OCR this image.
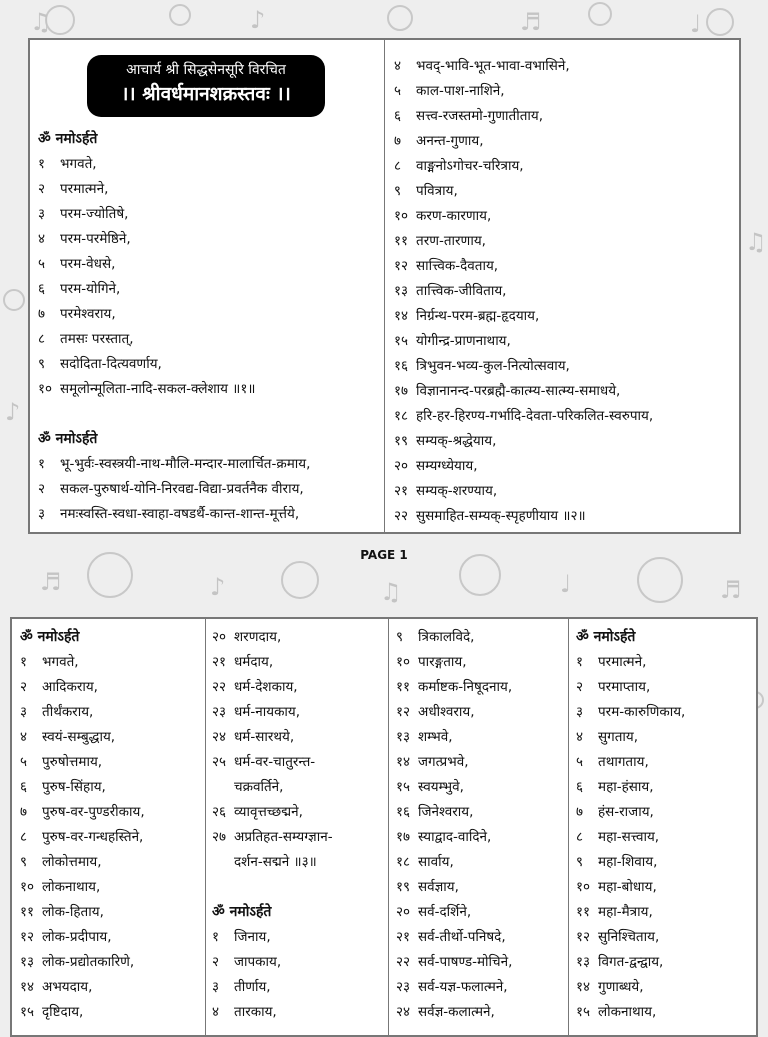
♫	♪	♬	♩
♬	♪	♫	♩	♬
♪
♫
आचार्य श्री सिद्धसेनसूरि विरचित
।। श्रीवर्धमानशक्रस्तवः ।।
ॐ नमोऽर्हते
१ भगवते,
२ परमात्मने,
३ परम-ज्योतिषे,
४ परम-परमेष्ठिने,
५ परम-वेधसे,
६ परम-योगिने,
७ परमेश्वराय,
८ तमसः परस्तात्,
९ सदोदिता-दित्यवर्णाय,
१० समूलोन्मूलिता-नादि-सकल-क्लेशाय ॥१॥
ॐ नमोऽर्हते
१ भू-भुर्वः-स्वस्त्रयी-नाथ-मौलि-मन्दार-मालार्चित-क्रमाय,
२ सकल-पुरुषार्थ-योनि-निरवद्य-विद्या-प्रवर्तनैक वीराय,
३ नमःस्वस्ति-स्वधा-स्वाहा-वषडर्थै-कान्त-शान्त-मूर्त्तये,
४ भवद्-भावि-भूत-भावा-वभासिने,
५ काल-पाश-नाशिने,
६ सत्त्व-रजस्तमो-गुणातीताय,
७ अनन्त-गुणाय,
८ वाङ्मनोऽगोचर-चरित्राय,
९ पवित्राय,
१० करण-कारणाय,
११ तरण-तारणाय,
१२ सात्त्विक-दैवताय,
१३ तात्त्विक-जीविताय,
१४ निर्ग्रन्थ-परम-ब्रह्म-हृदयाय,
१५ योगीन्द्र-प्राणनाथाय,
१६ त्रिभुवन-भव्य-कुल-नित्योत्सवाय,
१७ विज्ञानानन्द-परब्रह्मै-कात्म्य-सात्म्य-समाधये,
१८ हरि-हर-हिरण्य-गर्भादि-देवता-परिकलित-स्वरुपाय,
१९ सम्यक्-श्रद्धेयाय,
२० सम्यग्ध्येयाय,
२१ सम्यक्-शरण्याय,
२२ सुसमाहित-सम्यक्-स्पृहणीयाय ॥२॥
PAGE 1
ॐ नमोऽर्हते
१ भगवते,
२ आदिकराय,
३ तीर्थंकराय,
४ स्वयं-सम्बुद्धाय,
५ पुरुषोत्तमाय,
६ पुरुष-सिंहाय,
७ पुरुष-वर-पुण्डरीकाय,
८ पुरुष-वर-गन्धहस्तिने,
९ लोकोत्तमाय,
१० लोकनाथाय,
११ लोक-हिताय,
१२ लोक-प्रदीपाय,
१३ लोक-प्रद्योतकारिणे,
१४ अभयदाय,
१५ दृष्टिदाय,
२० शरणदाय,
२१ धर्मदाय,
२२ धर्म-देशकाय,
२३ धर्म-नायकाय,
२४ धर्म-सारथये,
२५ धर्म-वर-चातुरन्त-
चक्रवर्तिने,
२६ व्यावृत्तच्छद्मने,
२७ अप्रतिहत-सम्यग्ज्ञान-
दर्शन-सद्मने ॥३॥
ॐ नमोऽर्हते
१ जिनाय,
२ जापकाय,
३ तीर्णाय,
४ तारकाय,
९ त्रिकालविदे,
१० पारङ्गताय,
११ कर्माष्टक-निषूदनाय,
१२ अधीश्वराय,
१३ शम्भवे,
१४ जगत्प्रभवे,
१५ स्वयम्भुवे,
१६ जिनेश्वराय,
१७ स्याद्वाद-वादिने,
१८ सार्वाय,
१९ सर्वज्ञाय,
२० सर्व-दर्शिने,
२१ सर्व-तीर्थो-पनिषदे,
२२ सर्व-पाषण्ड-मोचिने,
२३ सर्व-यज्ञ-फलात्मने,
२४ सर्वज्ञ-कलात्मने,
ॐ नमोऽर्हते
१ परमात्मने,
२ परमाप्ताय,
३ परम-कारुणिकाय,
४ सुगताय,
५ तथागताय,
६ महा-हंसाय,
७ हंस-राजाय,
८ महा-सत्त्वाय,
९ महा-शिवाय,
१० महा-बोधाय,
११ महा-मैत्राय,
१२ सुनिश्चिताय,
१३ विगत-द्वन्द्वाय,
१४ गुणाब्धये,
१५ लोकनाथाय,
